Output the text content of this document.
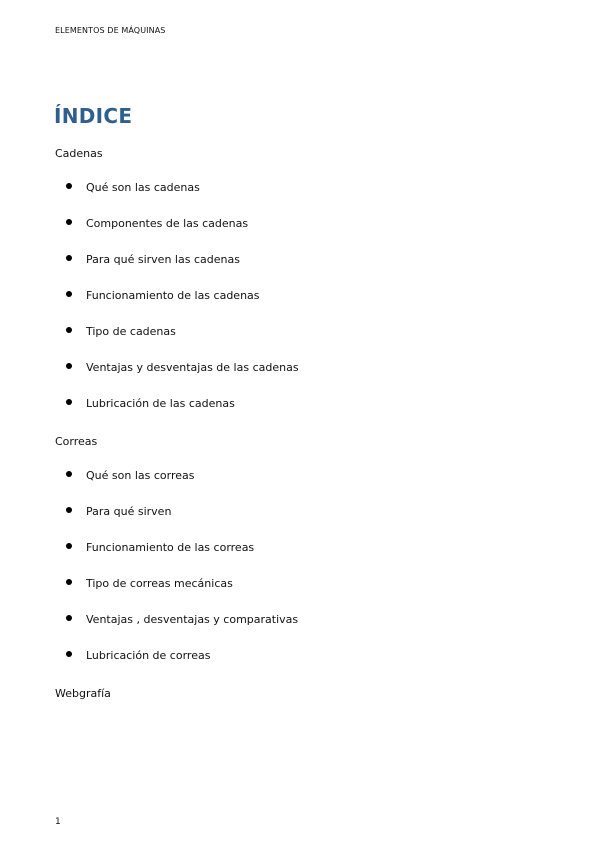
ELEMENTOS DE MÁQUINAS
ÍNDICE
Cadenas
Qué son las cadenas
Componentes de las cadenas
Para qué sirven las cadenas
Funcionamiento de las cadenas
Tipo de cadenas
Ventajas y desventajas de las cadenas
Lubricación de las cadenas
Correas
Qué son las correas
Para qué sirven
Funcionamiento de las correas
Tipo de correas mecánicas
Ventajas , desventajas y comparativas
Lubricación de correas
Webgrafía
1
